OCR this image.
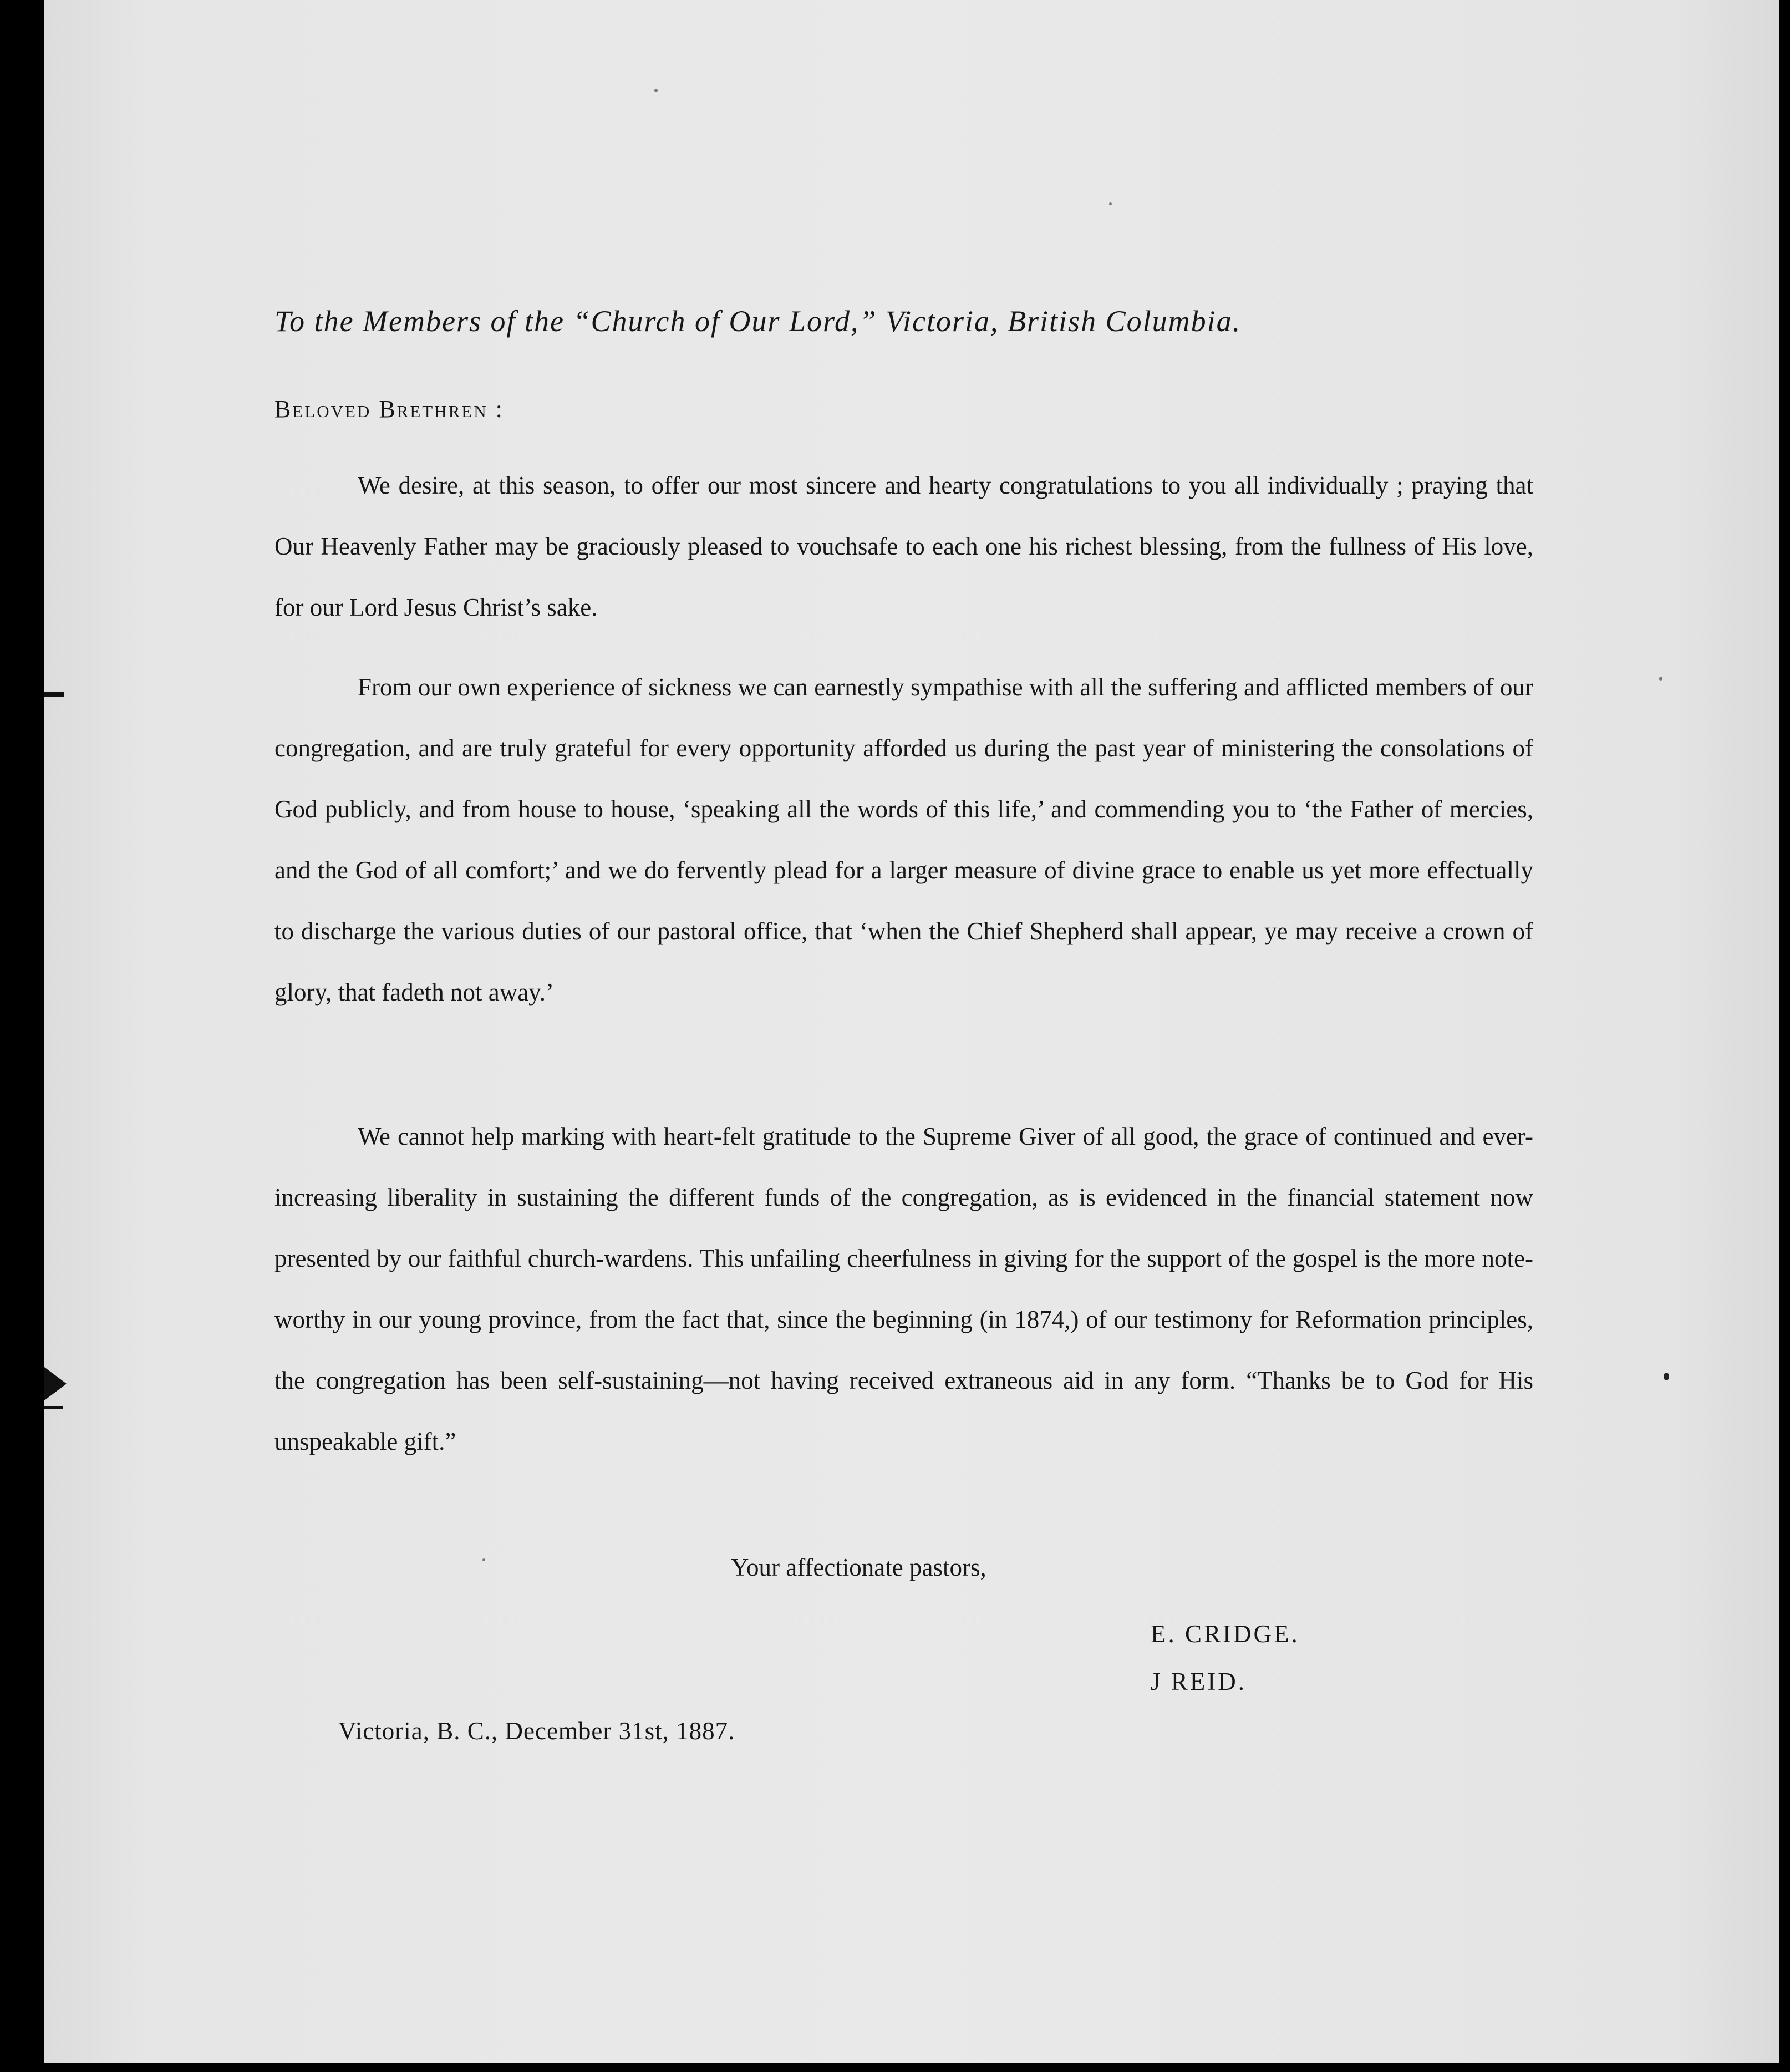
To the Members of the “Church of Our Lord,” Victoria, British Columbia.
Beloved Brethren :

We desire, at this season, to offer our most sincere and hearty congratulations to you all individually ; praying that Our Heavenly Father may be graciously pleased to vouchsafe to each one his richest blessing, from the fullness of His love, for our Lord Jesus Christ’s sake.

From our own experience of sickness we can earnestly sympathise with all the suffering and afflicted members of our congregation, and are truly grateful for every opportunity afforded us during the past year of ministering the consolations of God publicly, and from house to house, ‘speaking all the words of this life,’ and commending you to ‘the Father of mercies, and the God of all comfort;’ and we do fervently plead for a larger measure of divine grace to enable us yet more effectually to discharge the various duties of our pastoral office, that ‘when the Chief Shepherd shall appear, ye may receive a crown of glory, that fadeth not away.’

We cannot help marking with heart-felt gratitude to the Supreme Giver of all good, the grace of continued and ever-increasing liberality in sustaining the different funds of the congregation, as is evidenced in the financial statement now presented by our faithful church-wardens. This unfailing cheerfulness in giving for the support of the gospel is the more note-worthy in our young province, from the fact that, since the beginning (in 1874,) of our testimony for Reformation principles, the congregation has been self-sustaining—not having received extraneous aid in any form. “Thanks be to God for His unspeakable gift.”

Your affectionate pastors,
E. CRIDGE.
J REID.
Victoria, B. C., December 31st, 1887.
